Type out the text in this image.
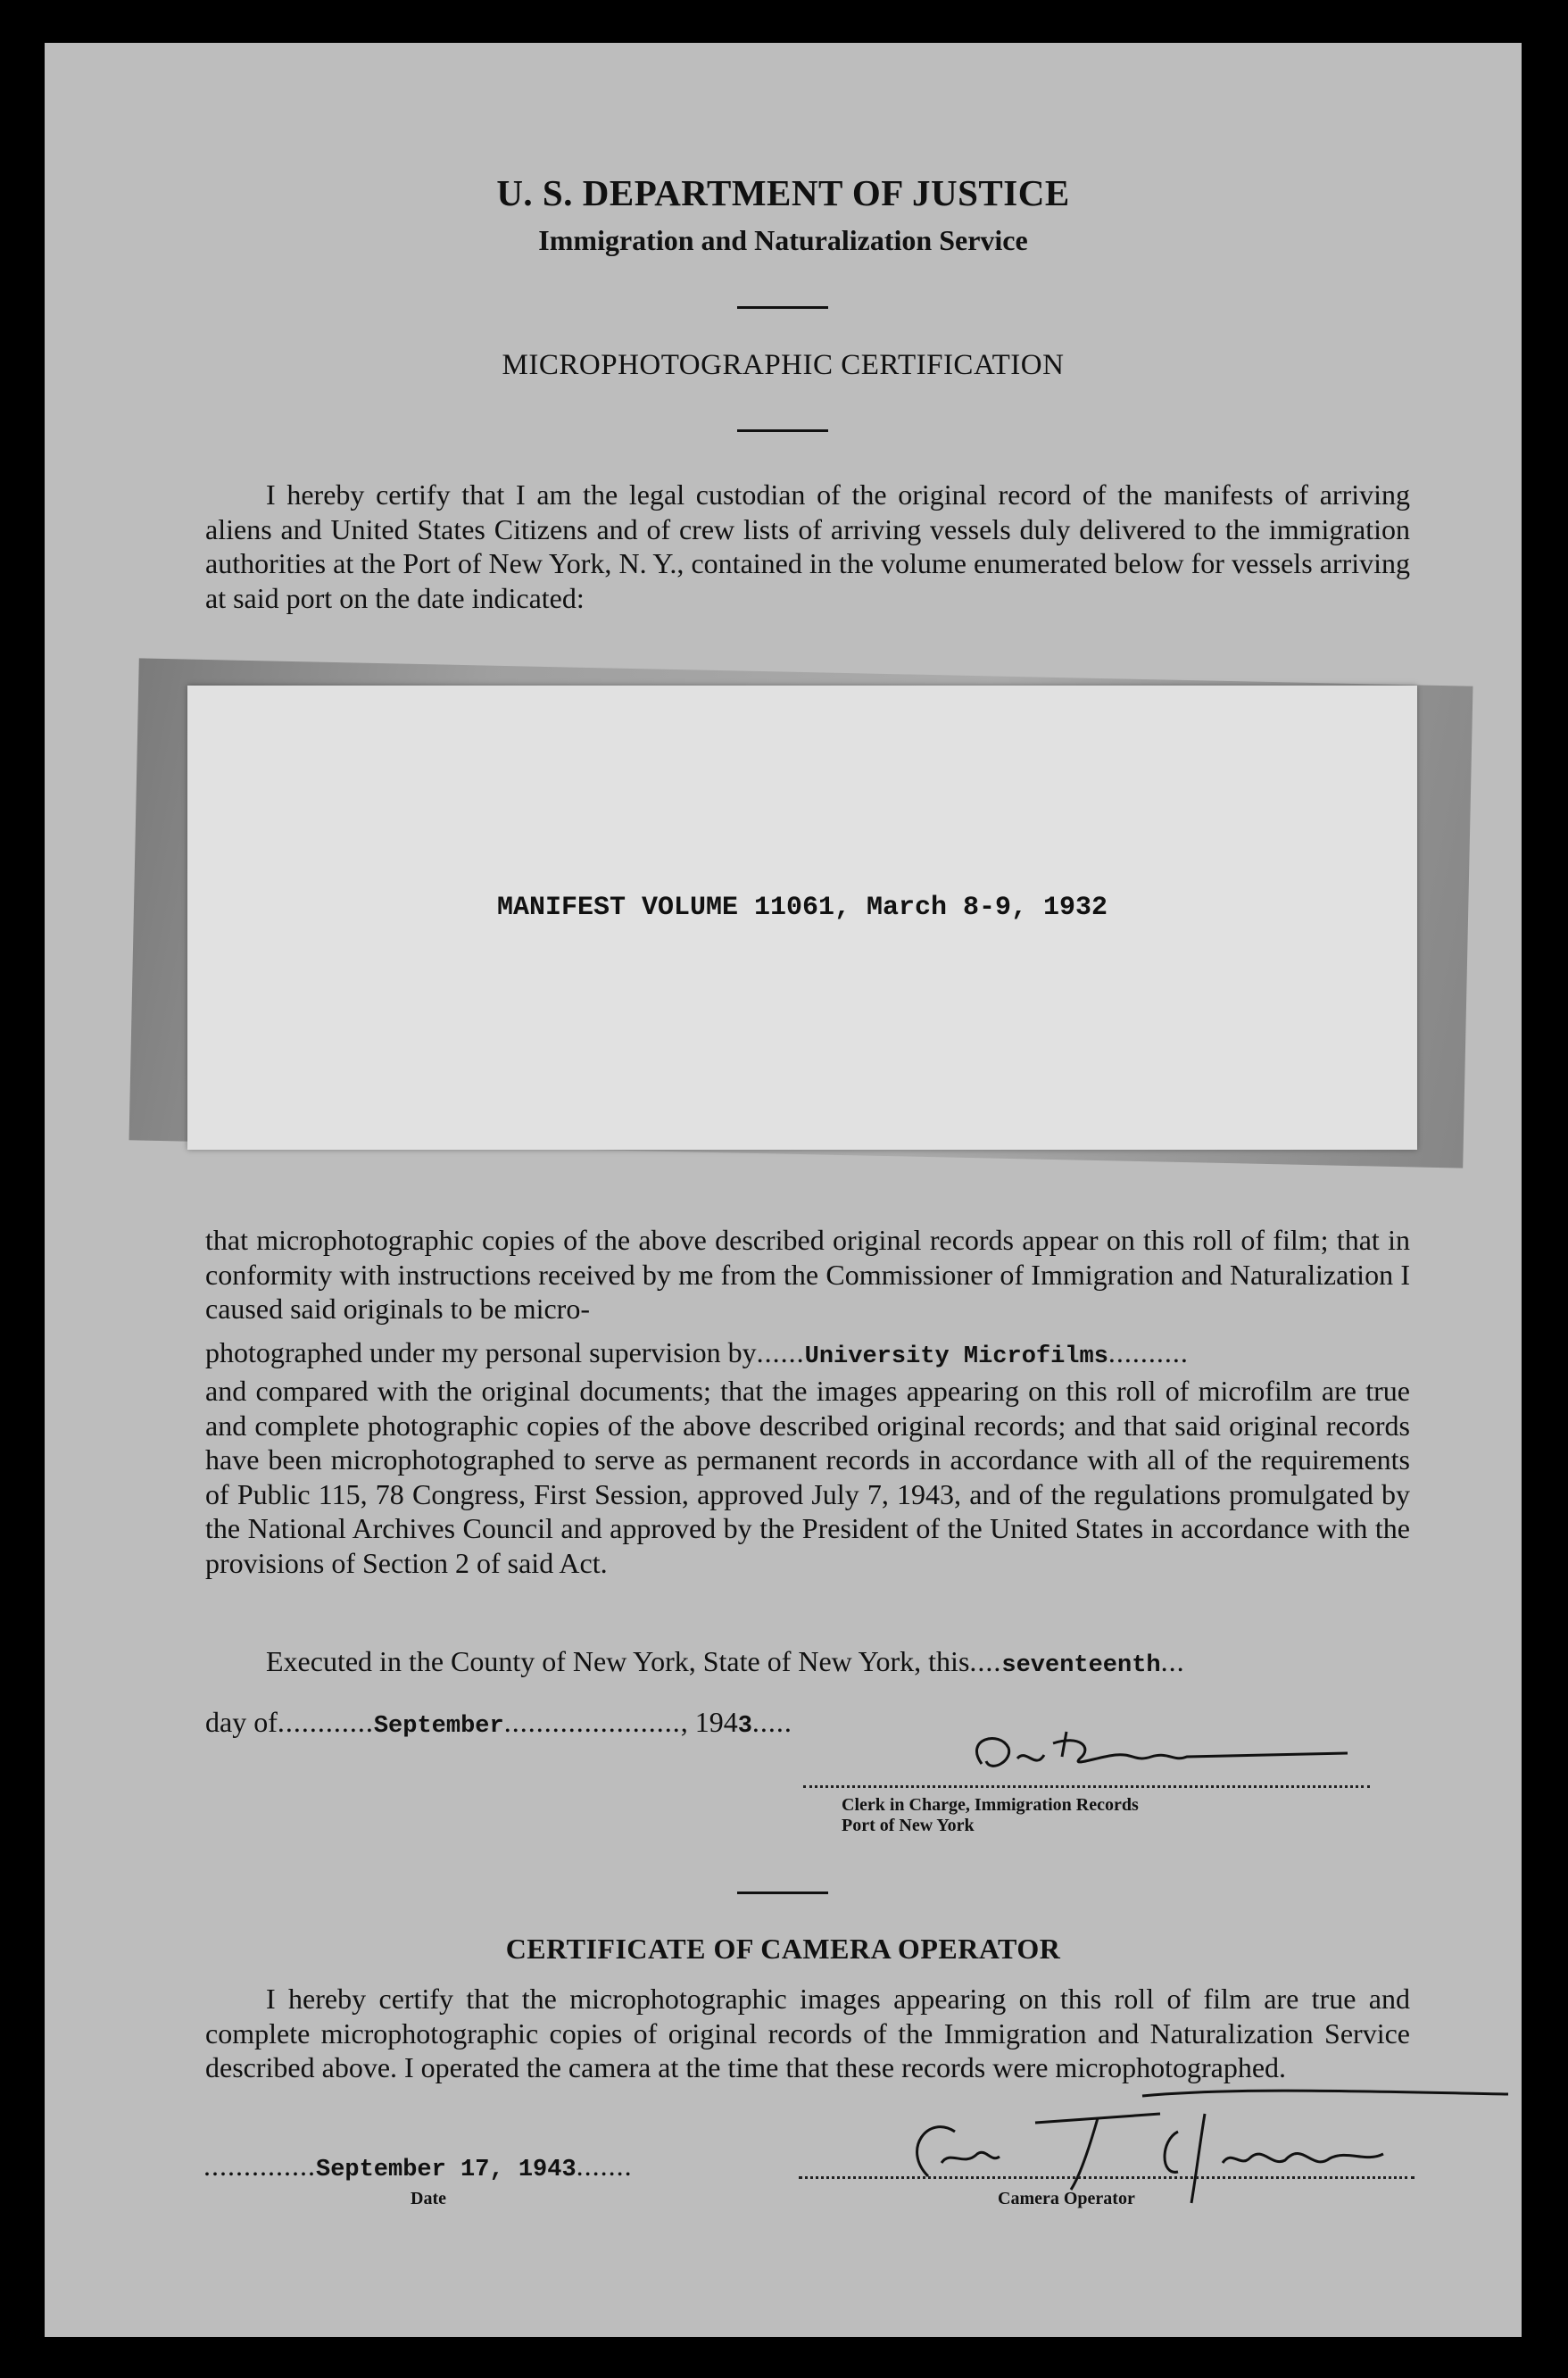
U. S. DEPARTMENT OF JUSTICE
Immigration and Naturalization Service
MICROPHOTOGRAPHIC CERTIFICATION

I hereby certify that I am the legal custodian of the original record of the manifests of arriving aliens and United States Citizens and of crew lists of arriving vessels duly delivered to the immigration authorities at the Port of New York, N. Y., contained in the volume enumerated below for vessels arriving at said port on the date indicated:

MANIFEST VOLUME 11061, March 8-9, 1932

that microphotographic copies of the above described original records appear on this roll of film; that in conformity with instructions received by me from the Commissioner of Immigration and Naturalization I caused said originals to be micro-

photographed under my personal supervision by......University Microfilms..........

and compared with the original documents; that the images appearing on this roll of microfilm are true and complete photographic copies of the above described original records; and that said original records have been microphotographed to serve as permanent records in accordance with all of the requirements of Public 115, 78 Congress, First Session, approved July 7, 1943, and of the regulations promulgated by the National Archives Council and approved by the President of the United States in accordance with the provisions of Section 2 of said Act.

Executed in the County of New York, State of New York, this....seventeenth...
day of............September......................, 1943.....
Clerk in Charge, Immigration Records
Port of New York
CERTIFICATE OF CAMERA OPERATOR

I hereby certify that the microphotographic images appearing on this roll of film are true and complete microphotographic copies of original records of the Immigration and Naturalization Service described above. I operated the camera at the time that these records were microphotographed.

..............September 17, 1943.......
Date	Camera Operator
